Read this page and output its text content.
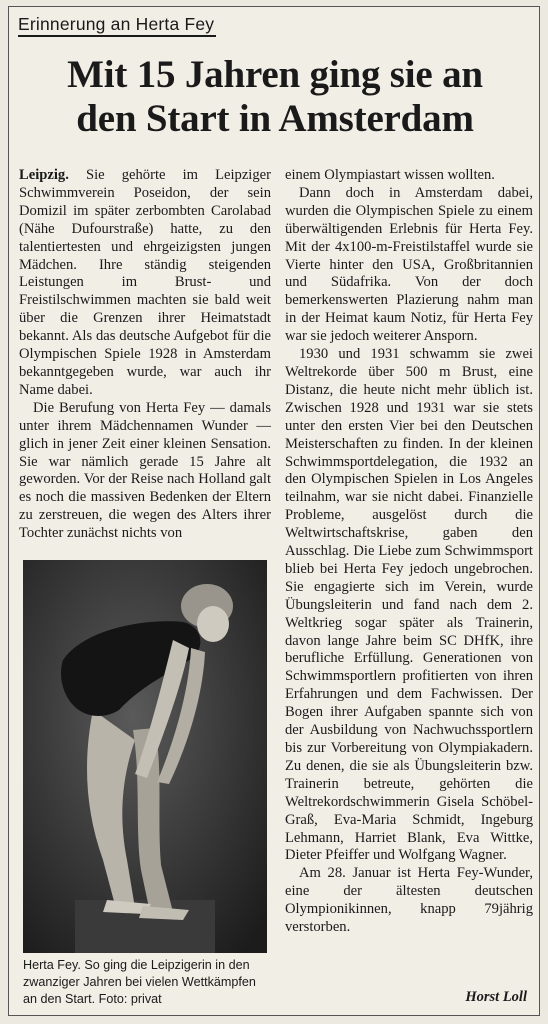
Erinnerung an Herta Fey
Mit 15 Jahren ging sie an
den Start in Amsterdam

Leipzig. Sie gehörte im Leipziger Schwimmverein Poseidon, der sein Domizil im später zerbombten Carolabad (Nähe Dufourstraße) hatte, zu den talentiertesten und ehrgeizigsten jungen Mädchen. Ihre ständig steigenden Leistungen im Brust- und Freistilschwimmen machten sie bald weit über die Grenzen ihrer Heimatstadt bekannt. Als das deutsche Aufgebot für die Olympischen Spiele 1928 in Amsterdam bekanntgegeben wurde, war auch ihr Name dabei.

Die Berufung von Herta Fey — damals unter ihrem Mädchennamen Wunder — glich in jener Zeit einer kleinen Sensation. Sie war nämlich gerade 15 Jahre alt geworden. Vor der Reise nach Holland galt es noch die massiven Bedenken der Eltern zu zerstreuen, die wegen des Alters ihrer Tochter zunächst nichts von

Herta Fey. So ging die Leipzigerin in den zwanziger Jahren bei vielen Wettkämpfen an den Start. Foto: privat

einem Olympiastart wissen wollten.

Dann doch in Amsterdam dabei, wurden die Olympischen Spiele zu einem überwältigenden Erlebnis für Herta Fey. Mit der 4x100-m-Freistilstaffel wurde sie Vierte hinter den USA, Großbritannien und Südafrika. Von der doch bemerkenswerten Plazierung nahm man in der Heimat kaum Notiz, für Herta Fey war sie jedoch weiterer Ansporn.

1930 und 1931 schwamm sie zwei Weltrekorde über 500 m Brust, eine Distanz, die heute nicht mehr üblich ist. Zwischen 1928 und 1931 war sie stets unter den ersten Vier bei den Deutschen Meisterschaften zu finden. In der kleinen Schwimmsportdelegation, die 1932 an den Olympischen Spielen in Los Angeles teilnahm, war sie nicht dabei. Finanzielle Probleme, ausgelöst durch die Weltwirtschaftskrise, gaben den Ausschlag. Die Liebe zum Schwimmsport blieb bei Herta Fey jedoch ungebrochen. Sie engagierte sich im Verein, wurde Übungsleiterin und fand nach dem 2. Weltkrieg sogar später als Trainerin, davon lange Jahre beim SC DHfK, ihre berufliche Erfüllung. Generationen von Schwimmsportlern profitierten von ihren Erfahrungen und dem Fachwissen. Der Bogen ihrer Aufgaben spannte sich von der Ausbildung von Nachwuchssportlern bis zur Vorbereitung von Olympiakadern. Zu denen, die sie als Übungsleiterin bzw. Trainerin betreute, gehörten die Weltrekordschwimmerin Gisela Schöbel-Graß, Eva-Maria Schmidt, Ingeburg Lehmann, Harriet Blank, Eva Wittke, Dieter Pfeiffer und Wolfgang Wagner.

Am 28. Januar ist Herta Fey-Wunder, eine der ältesten deutschen Olympionikinnen, knapp 79jährig verstorben.

Horst Loll
